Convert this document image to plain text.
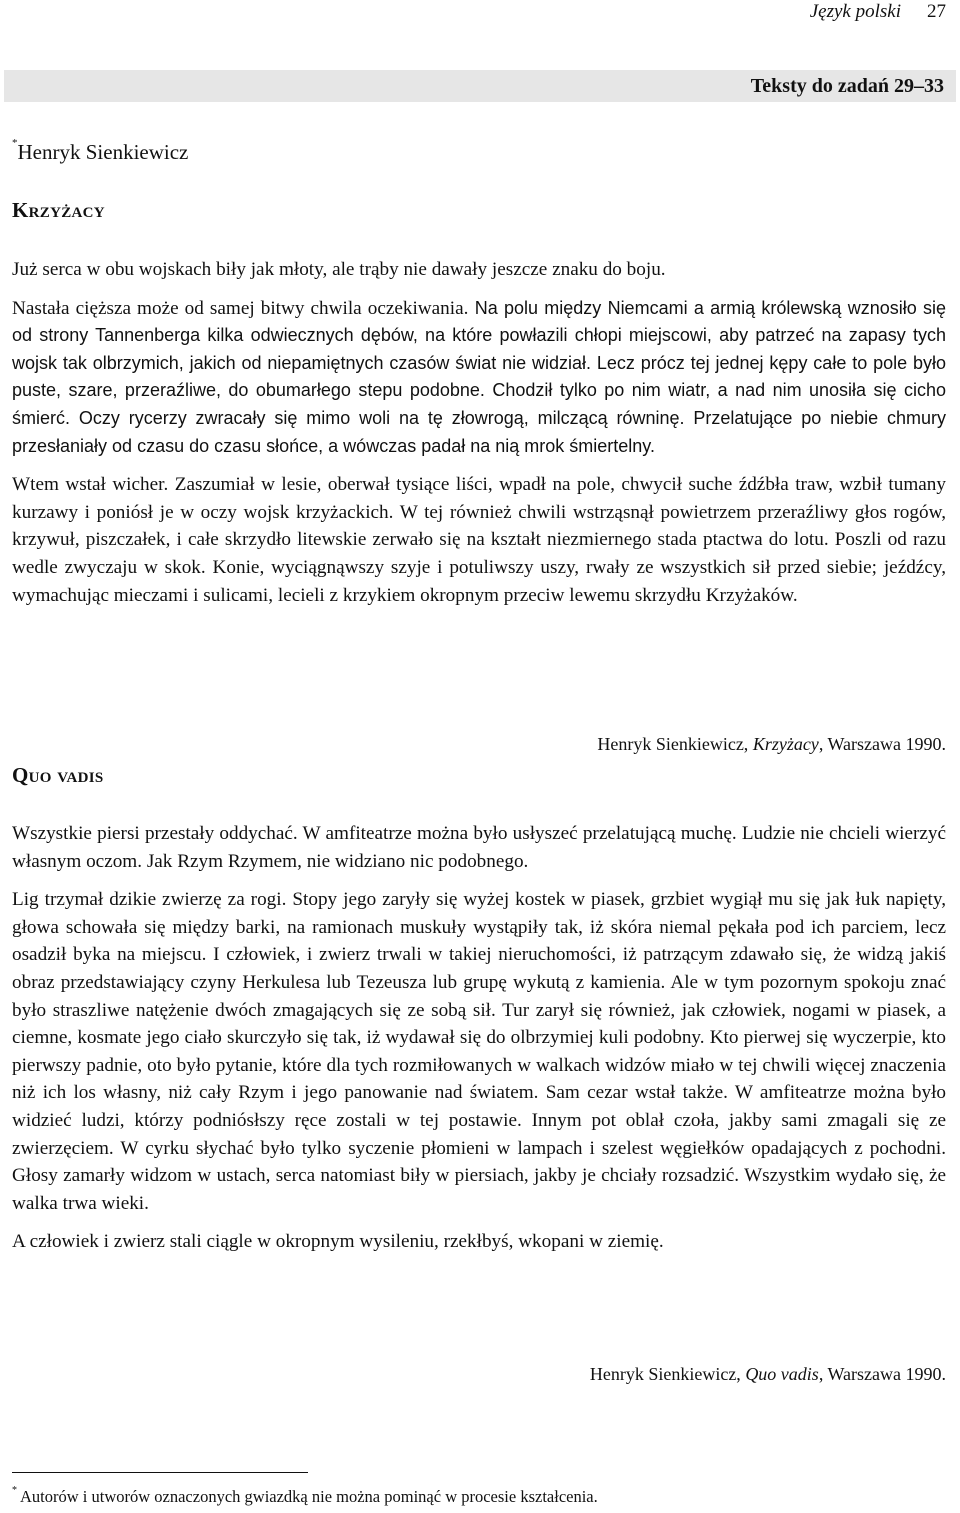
Język polski 27
Teksty do zadań 29–33
*Henryk Sienkiewicz
Krzyżacy

Już serca w obu wojskach biły jak młoty, ale trąby nie dawały jeszcze znaku do boju.

Nastała cięższa może od samej bitwy chwila oczekiwania. Na polu między Niemcami a armią królewską wznosiło się od strony Tannenberga kilka odwiecznych dębów, na które powłazili chłopi miejscowi, aby patrzeć na zapasy tych wojsk tak olbrzymich, jakich od niepamiętnych czasów świat nie widział. Lecz prócz tej jednej kępy całe to pole było puste, szare, przeraźliwe, do obumarłego stepu podobne. Chodził tylko po nim wiatr, a nad nim unosiła się cicho śmierć. Oczy rycerzy zwracały się mimo woli na tę złowrogą, milczącą równinę. Przelatujące po niebie chmury przesłaniały od czasu do czasu słońce, a wówczas padał na nią mrok śmiertelny.

Wtem wstał wicher. Zaszumiał w lesie, oberwał tysiące liści, wpadł na pole, chwycił suche źdźbła traw, wzbił tumany kurzawy i poniósł je w oczy wojsk krzyżackich. W tej również chwili wstrząsnął powietrzem przeraźliwy głos rogów, krzywuł, piszczałek, i całe skrzydło litewskie zerwało się na kształt niezmiernego stada ptactwa do lotu. Poszli od razu wedle zwyczaju w skok. Konie, wyciągnąwszy szyje i potuliwszy uszy, rwały ze wszystkich sił przed siebie; jeźdźcy, wymachując mieczami i sulicami, lecieli z krzykiem okropnym przeciw lewemu skrzydłu Krzyżaków.

Henryk Sienkiewicz, Krzyżacy, Warszawa 1990.
Quo vadis

Wszystkie piersi przestały oddychać. W amfiteatrze można było usłyszeć przelatującą muchę. Ludzie nie chcieli wierzyć własnym oczom. Jak Rzym Rzymem, nie widziano nic podobnego.

Lig trzymał dzikie zwierzę za rogi. Stopy jego zaryły się wyżej kostek w piasek, grzbiet wygiął mu się jak łuk napięty, głowa schowała się między barki, na ramionach muskuły wystąpiły tak, iż skóra niemal pękała pod ich parciem, lecz osadził byka na miejscu. I człowiek, i zwierz trwali w takiej nieruchomości, iż patrzącym zdawało się, że widzą jakiś obraz przedstawiający czyny Herkulesa lub Tezeusza lub grupę wykutą z kamienia. Ale w tym pozornym spokoju znać było straszliwe natężenie dwóch zmagających się ze sobą sił. Tur zarył się również, jak człowiek, nogami w piasek, a ciemne, kosmate jego ciało skurczyło się tak, iż wydawał się do olbrzymiej kuli podobny. Kto pierwej się wyczerpie, kto pierwszy padnie, oto było pytanie, które dla tych rozmiłowanych w walkach widzów miało w tej chwili więcej znaczenia niż ich los własny, niż cały Rzym i jego panowanie nad światem. Sam cezar wstał także. W amfiteatrze można było widzieć ludzi, którzy podniósłszy ręce zostali w tej postawie. Innym pot oblał czoła, jakby sami zmagali się ze zwierzęciem. W cyrku słychać było tylko syczenie płomieni w lampach i szelest węgiełków opadających z pochodni. Głosy zamarły widzom w ustach, serca natomiast biły w piersiach, jakby je chciały rozsadzić. Wszystkim wydało się, że walka trwa wieki.

A człowiek i zwierz stali ciągle w okropnym wysileniu, rzekłbyś, wkopani w ziemię.

Henryk Sienkiewicz, Quo vadis, Warszawa 1990.
* Autorów i utworów oznaczonych gwiazdką nie można pominąć w procesie kształcenia.
